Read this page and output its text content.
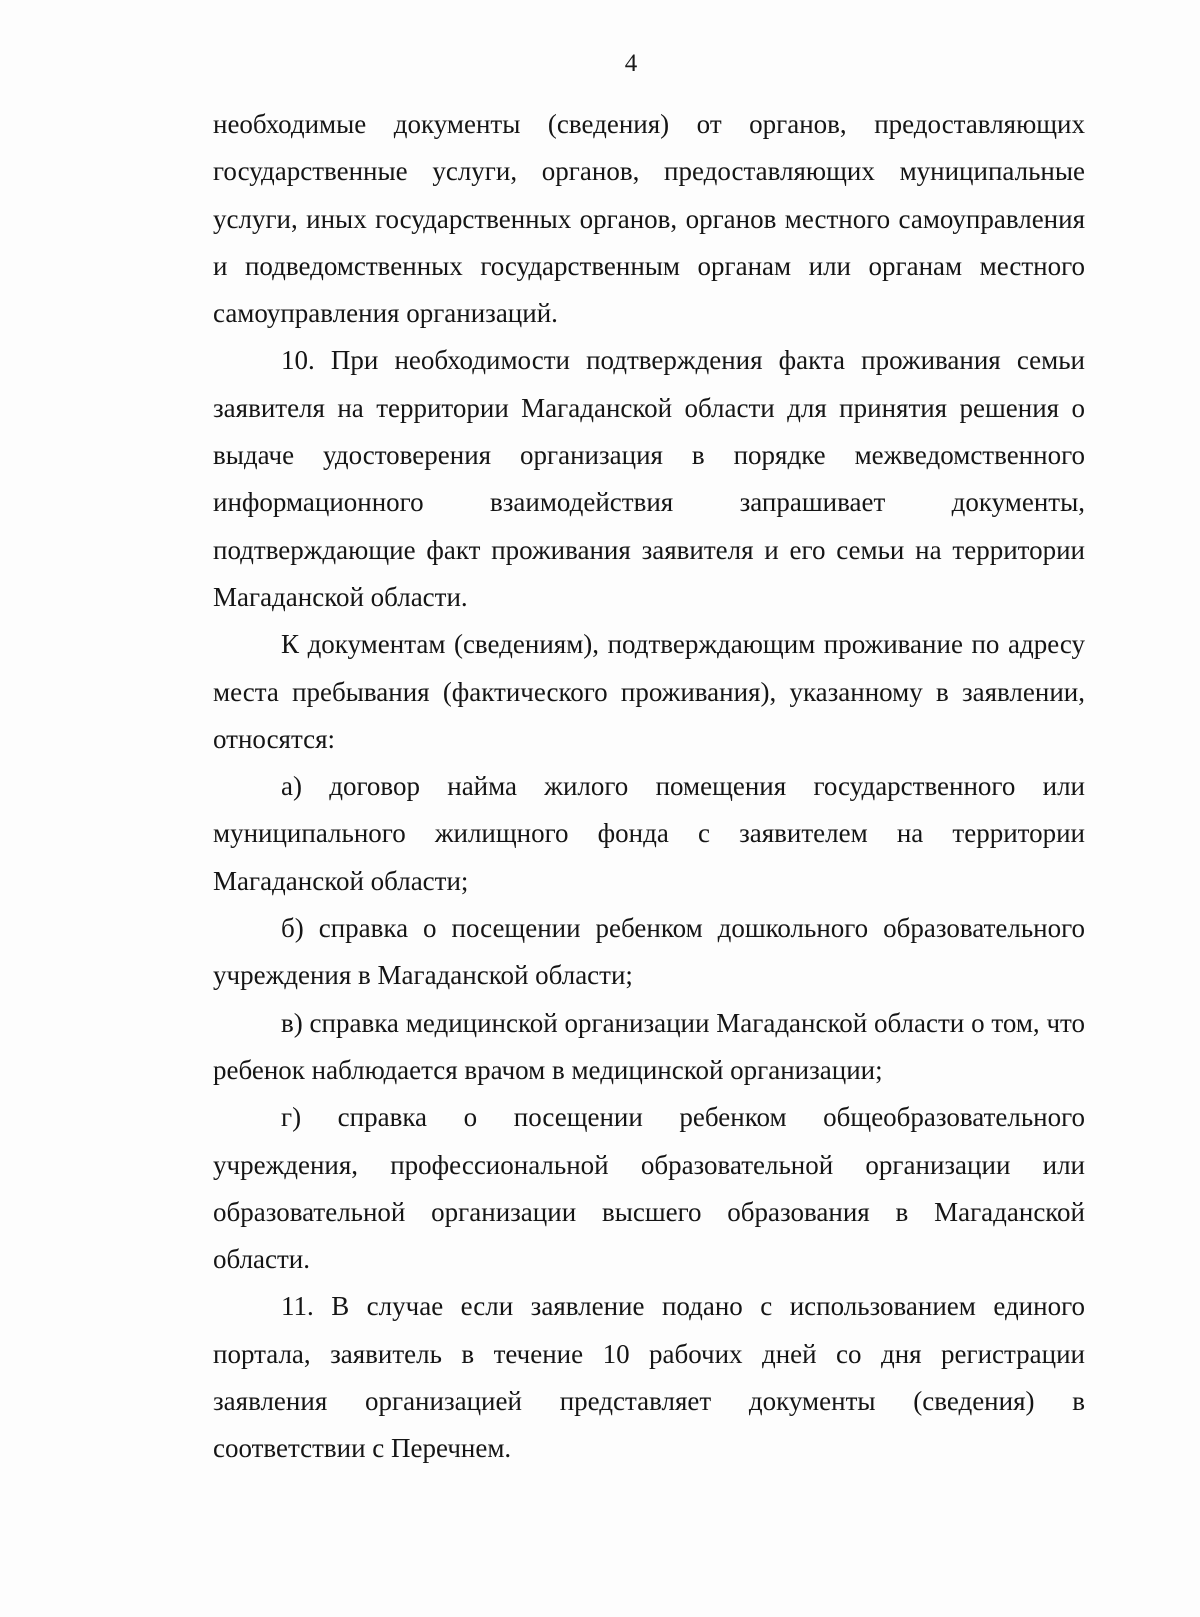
4

необходимые документы (сведения) от органов, предоставляющих государственные услуги, органов, предоставляющих муниципальные услуги, иных государственных органов, органов местного самоуправления и подведомственных государственным органам или органам местного самоуправления организаций.

10. При необходимости подтверждения факта проживания семьи заявителя на территории Магаданской области для принятия решения о выдаче удостоверения организация в порядке межведомственного информационного взаимодействия запрашивает документы, подтверждающие факт проживания заявителя и его семьи на территории Магаданской области.

К документам (сведениям), подтверждающим проживание по адресу места пребывания (фактического проживания), указанному в заявлении, относятся:

а) договор найма жилого помещения государственного или муниципального жилищного фонда с заявителем на территории Магаданской области;

б) справка о посещении ребенком дошкольного образовательного учреждения в Магаданской области;

в) справка медицинской организации Магаданской области о том, что ребенок наблюдается врачом в медицинской организации;

г) справка о посещении ребенком общеобразовательного учреждения, профессиональной образовательной организации или образовательной организации высшего образования в Магаданской области.

11. В случае если заявление подано с использованием единого портала, заявитель в течение 10 рабочих дней со дня регистрации заявления организацией представляет документы (сведения) в соответствии с Перечнем.
